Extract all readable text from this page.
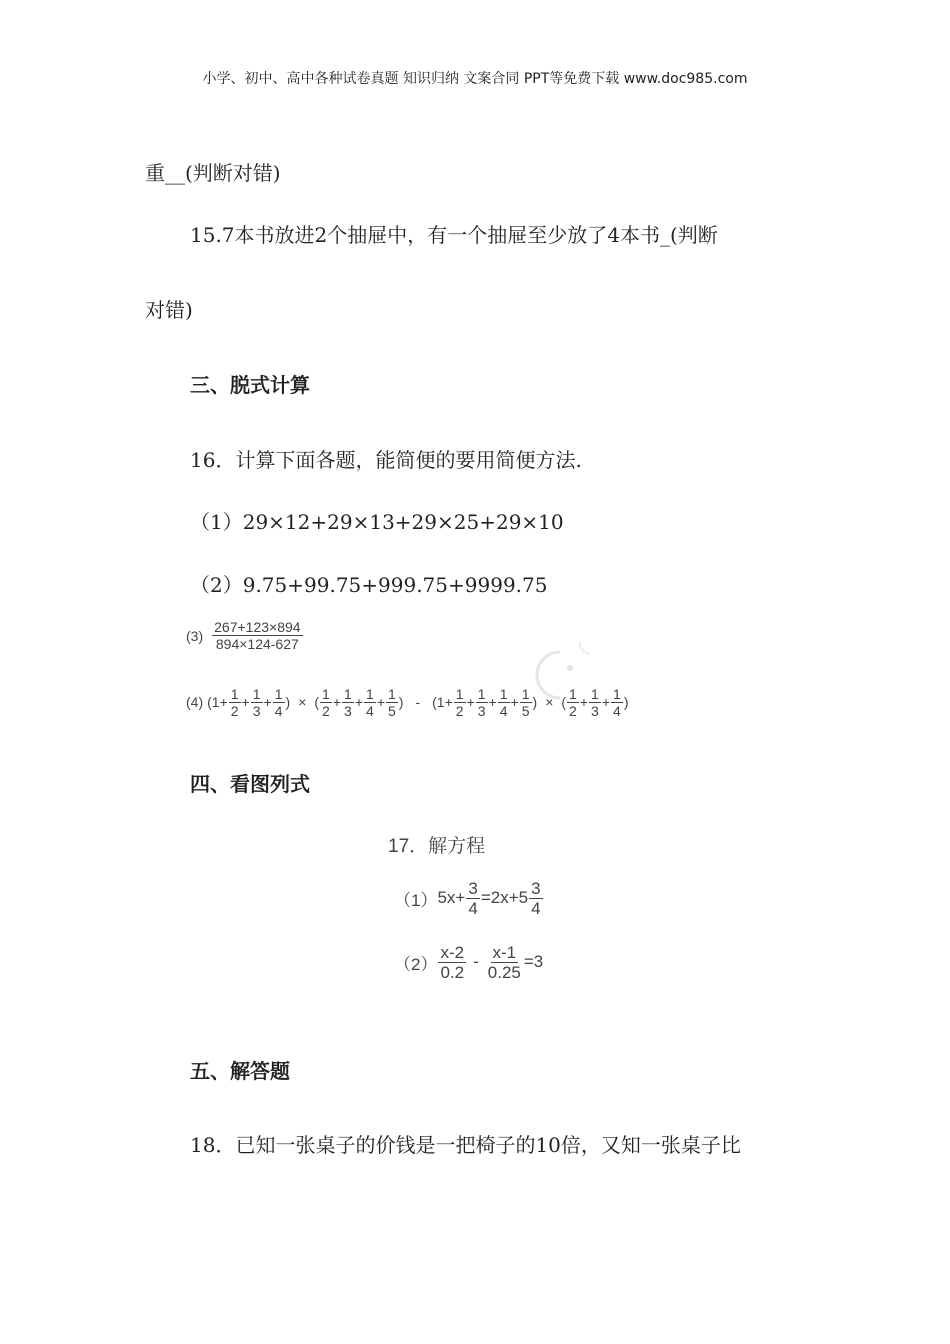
小学、初中、高中各种试卷真题 知识归纳 文案合同 PPT等免费下载 www.doc985.com
重__(判断对错)
15.7本书放进2个抽屉中，有一个抽屉至少放了4本书_(判断
对错)
三、脱式计算
16．计算下面各题，能简便的要用简便方法.
（1）29×12+29×13+29×25+29×10
（2）9.75+99.75+999.75+9999.75
$(3) \frac{267+123\times 894}{894\times 124-627}$
(4) ($1+ \frac{1}{2} + \frac{1}{3} + \frac{1}{4}$ ) × ( $\frac{1}{2} + \frac{1}{3} + \frac{1}{4} + \frac{1}{5}$ ) - ($1+ \frac{1}{2} + \frac{1}{3} + \frac{1}{4} + \frac{1}{5}$ ) × ( $\frac{1}{2} + \frac{1}{3} + \frac{1}{4}$ )
四、看图列式
17．解方程
（1） $5x+ \frac{3}{4} =2x+5 \frac{3}{4}$
$(2) \frac{x-2}{0.2} - \frac{x-1}{0.25} =3$
五、解答题
18．已知一张桌子的价钱是一把椅子的10倍，又知一张桌子比
